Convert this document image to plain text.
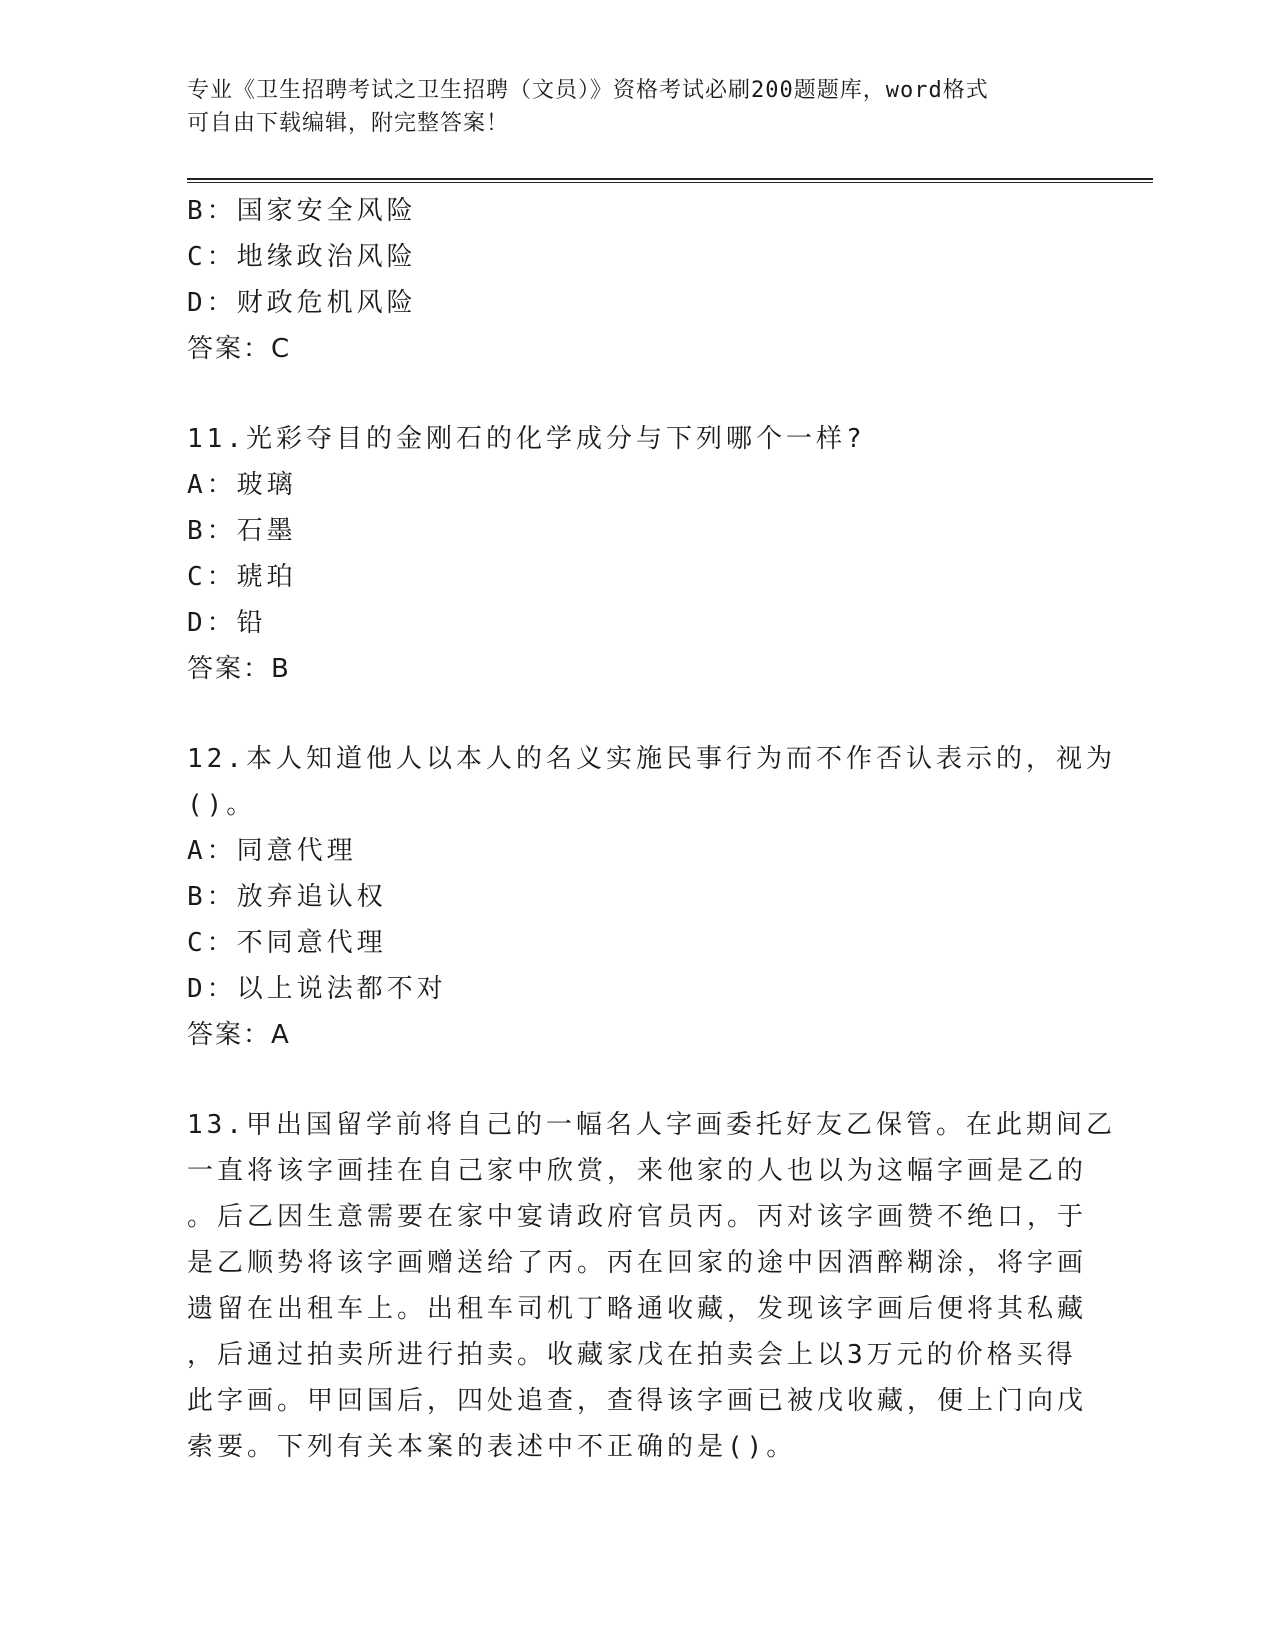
专业《卫生招聘考试之卫生招聘（文员）》资格考试必刷200题题库，word格式
可自由下载编辑，附完整答案！
B：国家安全风险
C：地缘政治风险
D：财政危机风险
答案：C
11.光彩夺目的金刚石的化学成分与下列哪个一样?
A：玻璃
B：石墨
C：琥珀
D：铅
答案：B
12.本人知道他人以本人的名义实施民事行为而不作否认表示的，视为
()。
A：同意代理
B：放弃追认权
C：不同意代理
D：以上说法都不对
答案：A
13.甲出国留学前将自己的一幅名人字画委托好友乙保管。在此期间乙
一直将该字画挂在自己家中欣赏，来他家的人也以为这幅字画是乙的
。后乙因生意需要在家中宴请政府官员丙。丙对该字画赞不绝口，于
是乙顺势将该字画赠送给了丙。丙在回家的途中因酒醉糊涂，将字画
遗留在出租车上。出租车司机丁略通收藏，发现该字画后便将其私藏
，后通过拍卖所进行拍卖。收藏家戊在拍卖会上以3万元的价格买得
此字画。甲回国后，四处追查，查得该字画已被戊收藏，便上门向戊
索要。下列有关本案的表述中不正确的是()。
